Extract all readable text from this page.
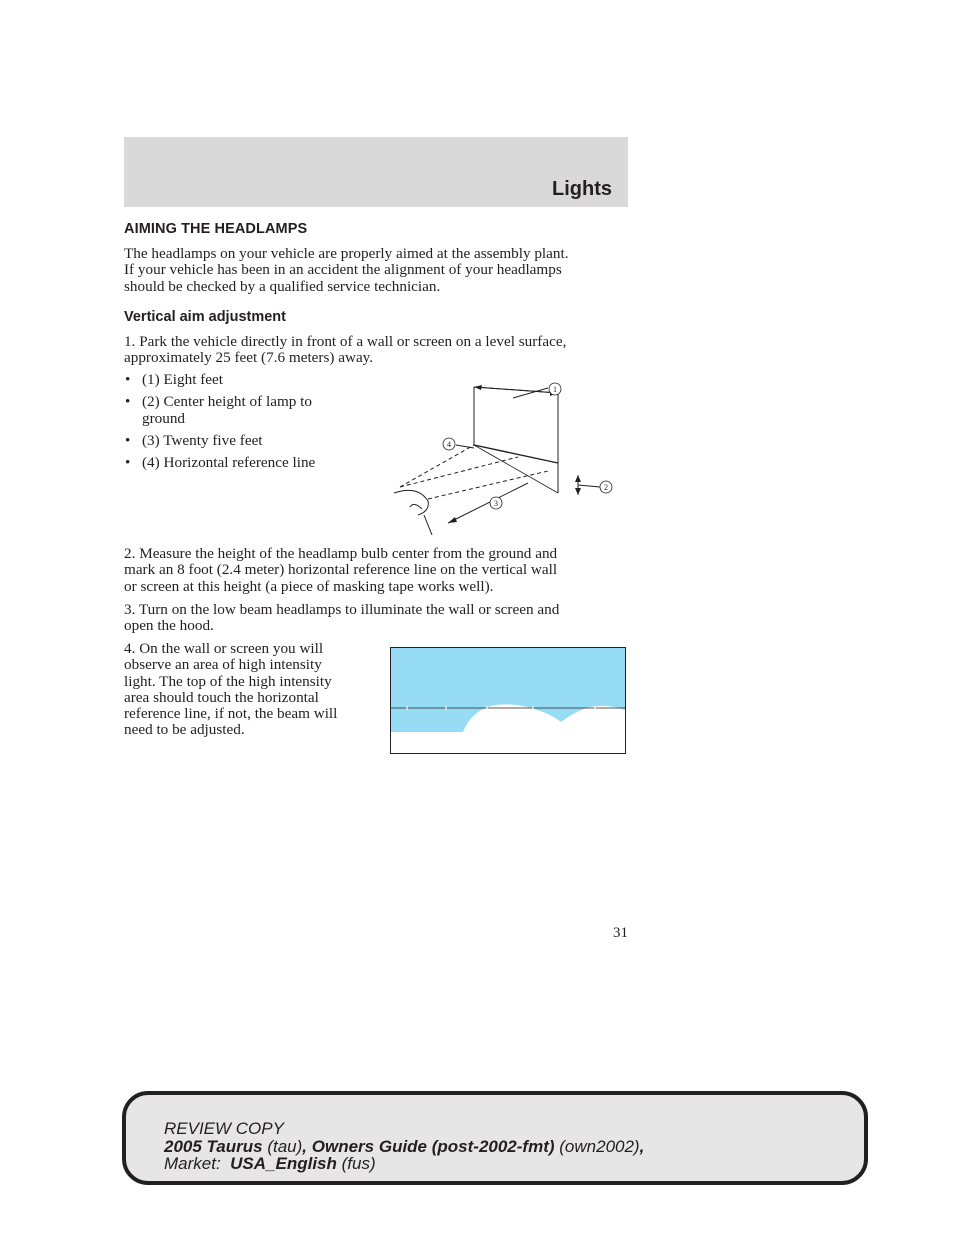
Lights
AIMING THE HEADLAMPS
The headlamps on your vehicle are properly aimed at the assembly plant.
If your vehicle has been in an accident the alignment of your headlamps
should be checked by a qualified service technician.
Vertical aim adjustment
1. Park the vehicle directly in front of a wall or screen on a level surface,
approximately 25 feet (7.6 meters) away.
• (1) Eight feet
• (2) Center height of lamp to
ground
• (3) Twenty five feet
• (4) Horizontal reference line
1
2
3
4
2. Measure the height of the headlamp bulb center from the ground and
mark an 8 foot (2.4 meter) horizontal reference line on the vertical wall
or screen at this height (a piece of masking tape works well).
3. Turn on the low beam headlamps to illuminate the wall or screen and
open the hood.
4. On the wall or screen you will
observe an area of high intensity
light. The top of the high intensity
area should touch the horizontal
reference line, if not, the beam will
need to be adjusted.
31
REVIEW COPY
2005 Taurus (tau), Owners Guide (post-2002-fmt) (own2002),
Market: USA_English (fus)
